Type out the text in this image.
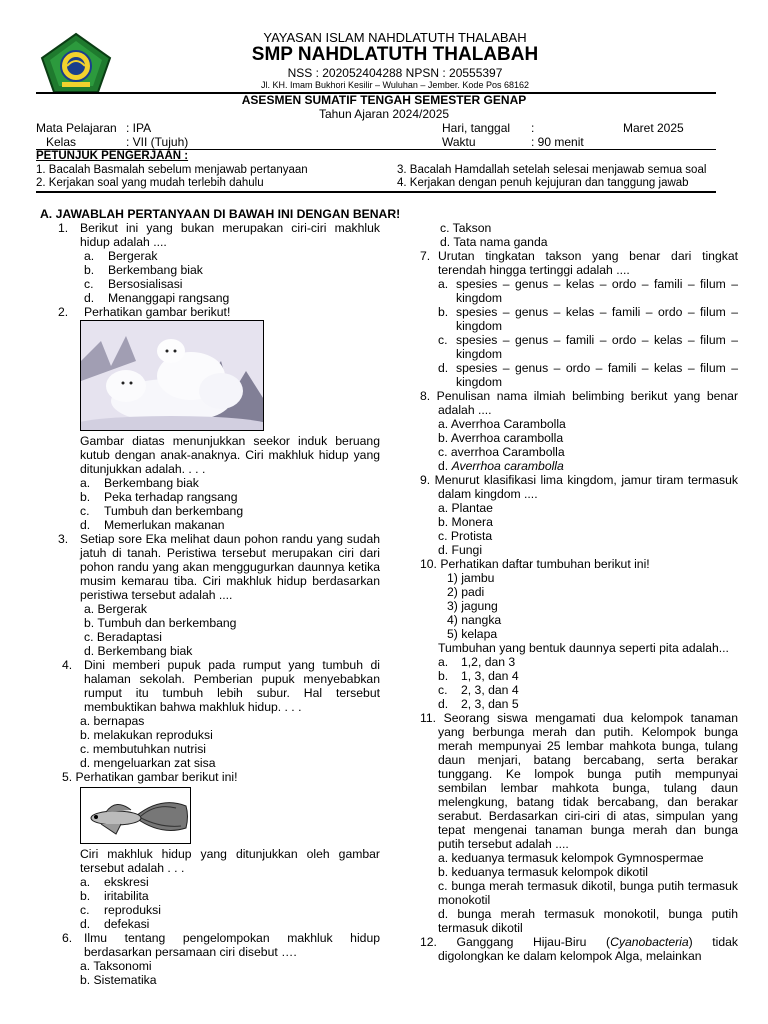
YAYASAN ISLAM NAHDLATUTH THALABAH
SMP NAHDLATUTH THALABAH
NSS : 202052404288 NPSN : 20555397
Jl. KH. Imam Bukhori Kesilir – Wuluhan – Jember. Kode Pos 68162
ASESMEN SUMATIF TENGAH SEMESTER GENAP
Tahun Ajaran 2024/2025
Mata Pelajaran : IPA
Kelas	: VII (Tujuh)
Hari, tanggal :	Maret 2025
Waktu	: 90 menit
PETUNJUK PENGERJAAN :
1. Bacalah Basmalah sebelum menjawab pertanyaan
2. Kerjakan soal yang mudah terlebih dahulu
3. Bacalah Hamdallah setelah selesai menjawab semua soal
4. Kerjakan dengan penuh kejujuran dan tanggung jawab
A. JAWABLAH PERTANYAAN DI BAWAH INI DENGAN BENAR!
1. Berikut ini yang bukan merupakan ciri-ciri makhluk hidup adalah ....

a.	Bergerak
b.	Berkembang biak
c.	Bersosialisasi
d.	Menanggapi rangsang
2.	Perhatikan gambar berikut!

Gambar diatas menunjukkan seekor induk beruang kutub dengan anak-anaknya. Ciri makhluk hidup yang ditunjukkan adalah. . . .

a.	Berkembang biak
b.	Peka terhadap rangsang
c.	Tumbuh dan berkembang
d.	Memerlukan makanan
3. Setiap sore Eka melihat daun pohon randu yang sudah jatuh di tanah. Peristiwa tersebut merupakan ciri dari pohon randu yang akan menggugurkan daunnya ketika musim kemarau tiba. Ciri makhluk hidup berdasarkan peristiwa tersebut adalah ....

a. Bergerak

b. Tumbuh dan berkembang

c. Beradaptasi

d. Berkembang biak

4. Dini memberi pupuk pada rumput yang tumbuh di halaman sekolah. Pemberian pupuk menyebabkan rumput itu tumbuh lebih subur. Hal tersebut membuktikan bahwa makhluk hidup. . . .

a. bernapas

b. melakukan reproduksi

c. membutuhkan nutrisi

d. mengeluarkan zat sisa

5. Perhatikan gambar berikut ini!

Ciri makhluk hidup yang ditunjukkan oleh gambar tersebut adalah . . .

a.	ekskresi
b.	iritabilita
c.	reproduksi
d.	defekasi
6. Ilmu tentang pengelompokan makhluk hidup berdasarkan persamaan ciri disebut ….

a. Taksonomi

b. Sistematika

c. Takson

d. Tata nama ganda

7. Urutan tingkatan takson yang benar dari tingkat terendah hingga tertinggi adalah ....

a. spesies – genus – kelas – ordo – famili – filum – kingdom

b. spesies – genus – kelas – famili – ordo – filum – kingdom

c. spesies – genus – famili – ordo – kelas – filum – kingdom

d. spesies – genus – ordo – famili – kelas – filum – kingdom

8. Penulisan nama ilmiah belimbing berikut yang benar adalah ....

a. Averrhoa Carambolla

b. Averrhoa carambolla

c. averrhoa Carambolla

d. Averrhoa carambolla

9. Menurut klasifikasi lima kingdom, jamur tiram termasuk dalam kingdom ....

a. Plantae

b. Monera

c. Protista

d. Fungi

10. Perhatikan daftar tumbuhan berikut ini!

1) jambu

2) padi

3) jagung

4) nangka

5) kelapa

Tumbuhan yang bentuk daunnya seperti pita adalah...

a.	1,2, dan 3
b.	1, 3, dan 4
c.	2, 3, dan 4
d.	2, 3, dan 5

11. Seorang siswa mengamati dua kelompok tanaman yang berbunga merah dan putih. Kelompok bunga merah mempunyai 25 lembar mahkota bunga, tulang daun menjari, batang bercabang, serta berakar tunggang. Ke lompok bunga putih mempunyai sembilan lembar mahkota bunga, tulang daun melengkung, batang tidak bercabang, dan berakar serabut. Berdasarkan ciri-ciri di atas, simpulan yang tepat mengenai tanaman bunga merah dan bunga putih tersebut adalah ....

a. keduanya termasuk kelompok Gymnospermae

b. keduanya termasuk kelompok dikotil

c. bunga merah termasuk dikotil, bunga putih termasuk monokotil

d. bunga merah termasuk monokotil, bunga putih termasuk dikotil

12. Ganggang Hijau-Biru (Cyanobacteria) tidak digolongkan ke dalam kelompok Alga, melainkan
